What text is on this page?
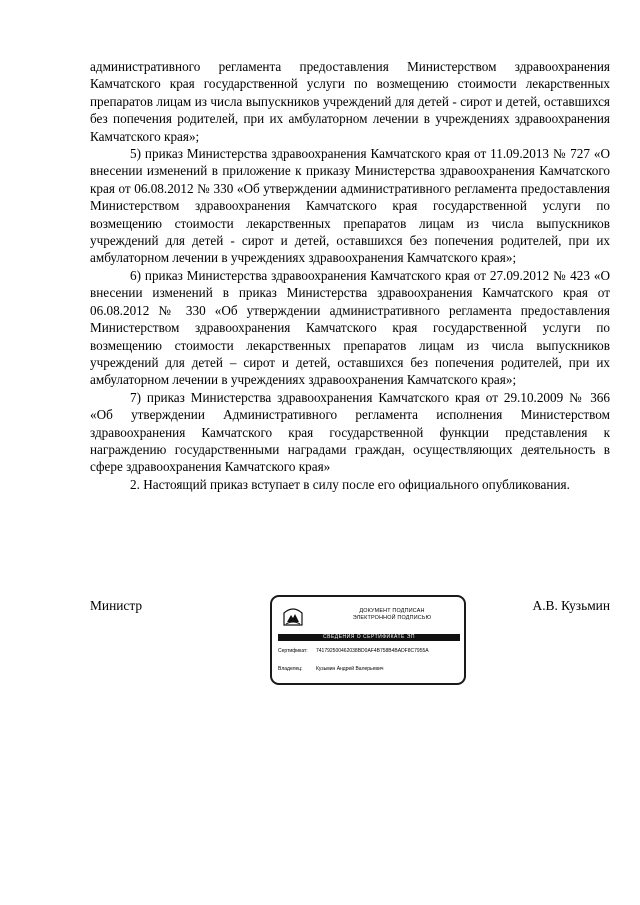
административного регламента предоставления Министерством здравоохранения Камчатского края государственной услуги по возмещению стоимости лекарственных препаратов лицам из числа выпускников учреждений для детей - сирот и детей, оставшихся без попечения родителей, при их амбулаторном лечении в учреждениях здравоохранения Камчатского края»;

5) приказ Министерства здравоохранения Камчатского края от 11.09.2013 № 727 «О внесении изменений в приложение к приказу Министерства здравоохранения Камчатского края от 06.08.2012 № 330 «Об утверждении административного регламента предоставления Министерством здравоохранения Камчатского края государственной услуги по возмещению стоимости лекарственных препаратов лицам из числа выпускников учреждений для детей - сирот и детей, оставшихся без попечения родителей, при их амбулаторном лечении в учреждениях здравоохранения Камчатского края»;

6) приказ Министерства здравоохранения Камчатского края от 27.09.2012 № 423 «О внесении изменений в приказ Министерства здравоохранения Камчатского края от 06.08.2012 № 330 «Об утверждении административного регламента предоставления Министерством здравоохранения Камчатского края государственной услуги по возмещению стоимости лекарственных препаратов лицам из числа выпускников учреждений для детей – сирот и детей, оставшихся без попечения родителей, при их амбулаторном лечении в учреждениях здравоохранения Камчатского края»;

7) приказ Министерства здравоохранения Камчатского края от 29.10.2009 № 366 «Об утверждении Административного регламента исполнения Министерством здравоохранения Камчатского края государственной функции представления к награждению государственными наградами граждан, осуществляющих деятельность в сфере здравоохранения Камчатского края»

2. Настоящий приказ вступает в силу после его официального опубликования.

Министр	А.В. Кузьмин
ДОКУМЕНТ ПОДПИСАН
ЭЛЕКТРОННОЙ ПОДПИСЬЮ
СВЕДЕНИЯ О СЕРТИФИКАТЕ ЭП
Сертификат: 741792500462038BD0AF4B758B4BADF8C7955A
Владелец:	Кузьмин Андрей Валерьевич
